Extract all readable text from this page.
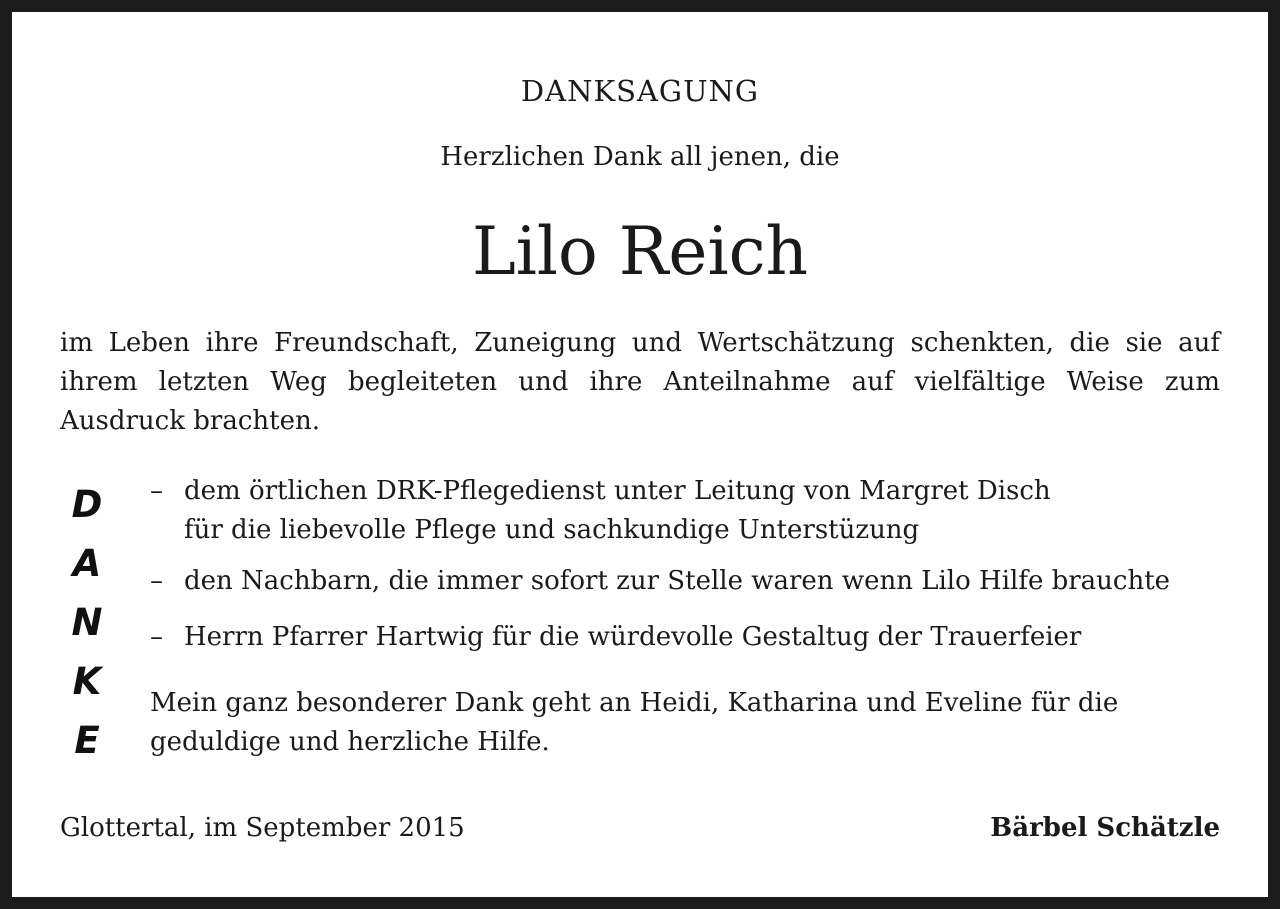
DANKSAGUNG
Herzlichen Dank all jenen, die
Lilo Reich

im Leben ihre Freundschaft, Zuneigung und Wertschätzung schenkten, die sie auf ihrem letzten Weg begleiteten und ihre Anteilnahme auf vielfältige Weise zum Ausdruck brachten.

D
A
N
K
E
– dem örtlichen DRK-Pflegedienst unter Leitung von Margret Disch
für die liebevolle Pflege und sachkundige Unterstüzung
– den Nachbarn, die immer sofort zur Stelle waren wenn Lilo Hilfe brauchte
– Herrn Pfarrer Hartwig für die würdevolle Gestaltug der Trauerfeier

Mein ganz besonderer Dank geht an Heidi, Katharina und Eveline für die geduldige und herzliche Hilfe.

Glottertal, im September 2015	Bärbel Schätzle
